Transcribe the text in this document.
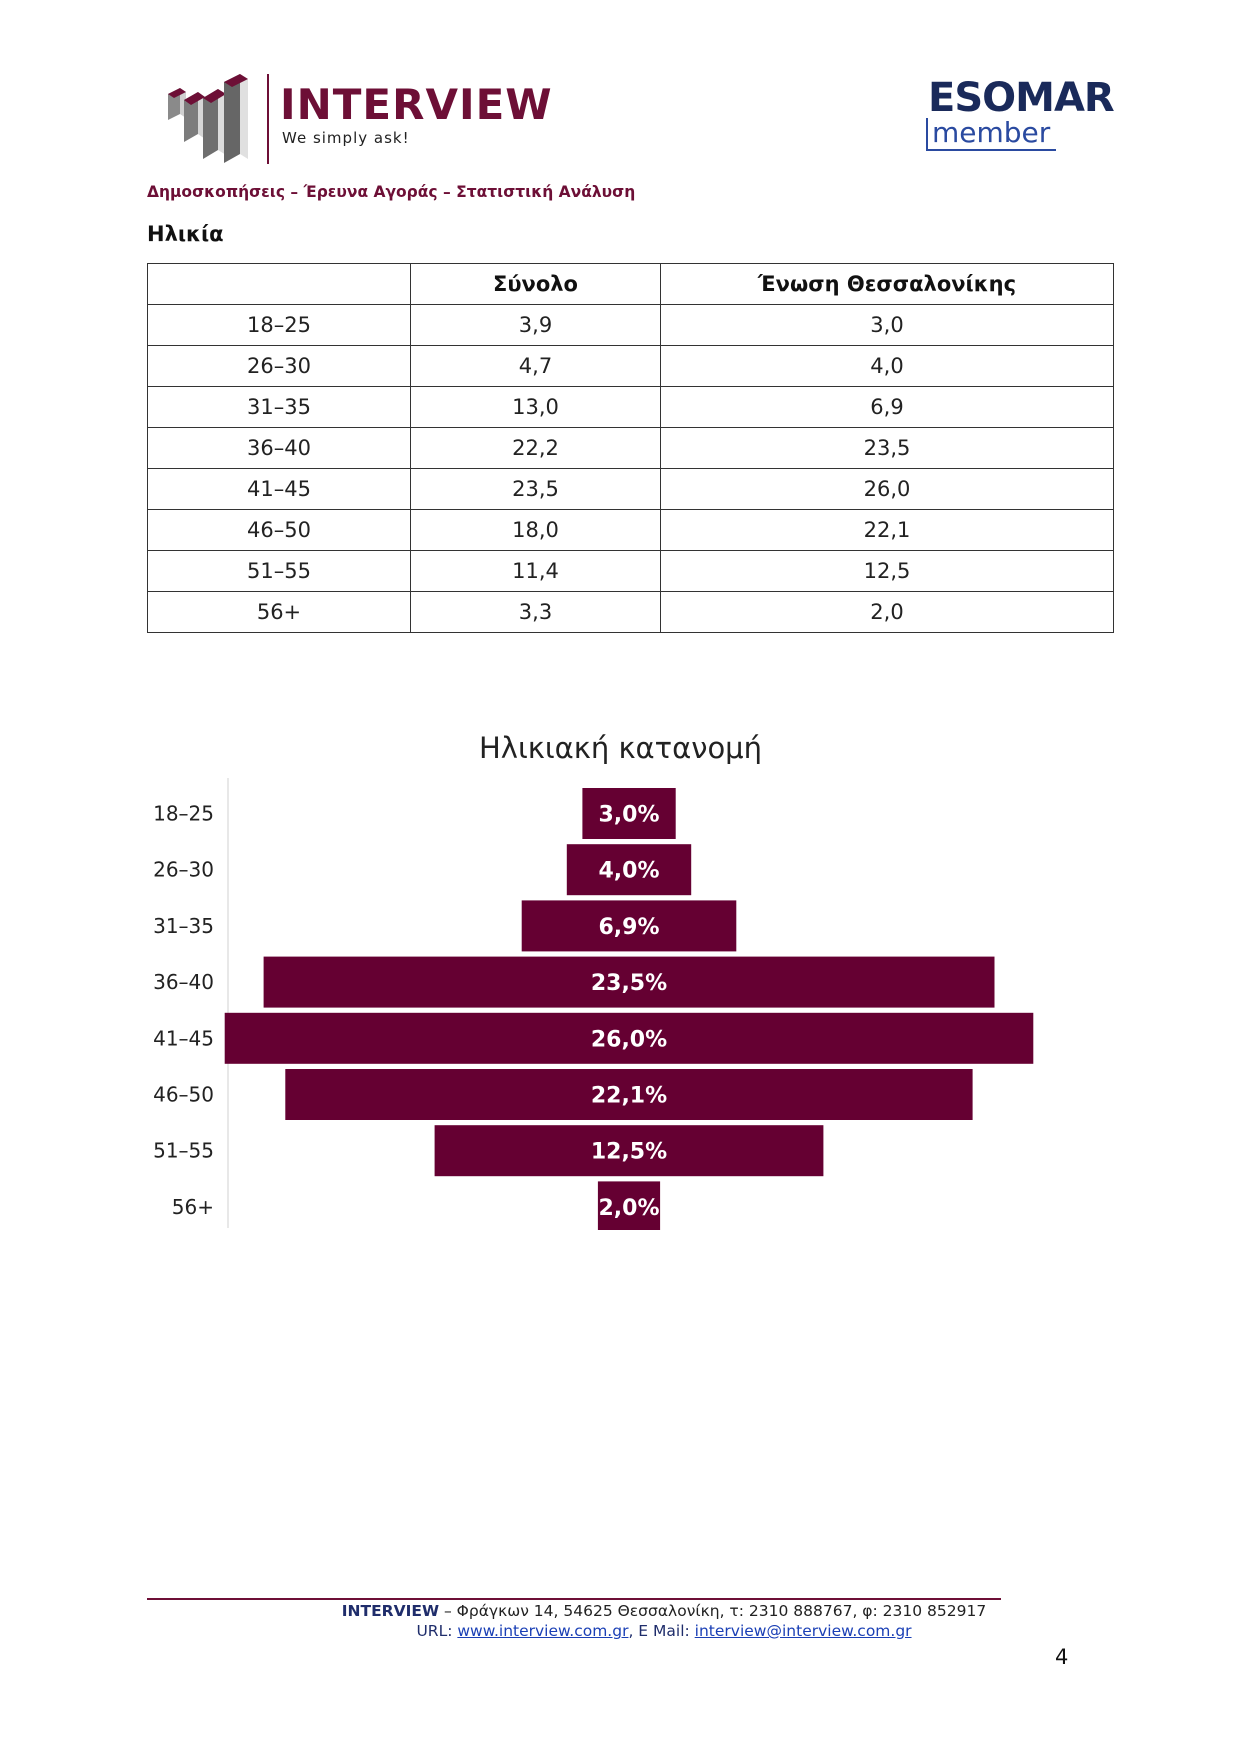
INTERVIEW
We simply ask!
ESOMAR
member
Δημοσκοπήσεις – Έρευνα Αγοράς – Στατιστική Ανάλυση
Ηλικία
	Σύνολο	Ένωση Θεσσαλονίκης
18–25	3,9	3,0
26–30	4,7	4,0
31–35	13,0	6,9
36–40	22,2	23,5
41–45	23,5	26,0
46–50	18,0	22,1
51–55	11,4	12,5
56+	3,3	2,0
Ηλικιακή κατανομή
18–25	3,0%
26–30	4,0%
31–35	6,9%
36–40	23,5%
41–45	26,0%
46–50	22,1%
51–55	12,5%
56+	2,0%
INTERVIEW – Φράγκων 14, 54625 Θεσσαλονίκη, τ: 2310 888767, φ: 2310 852917
URL: www.interview.com.gr, E Mail: interview@interview.com.gr
4
